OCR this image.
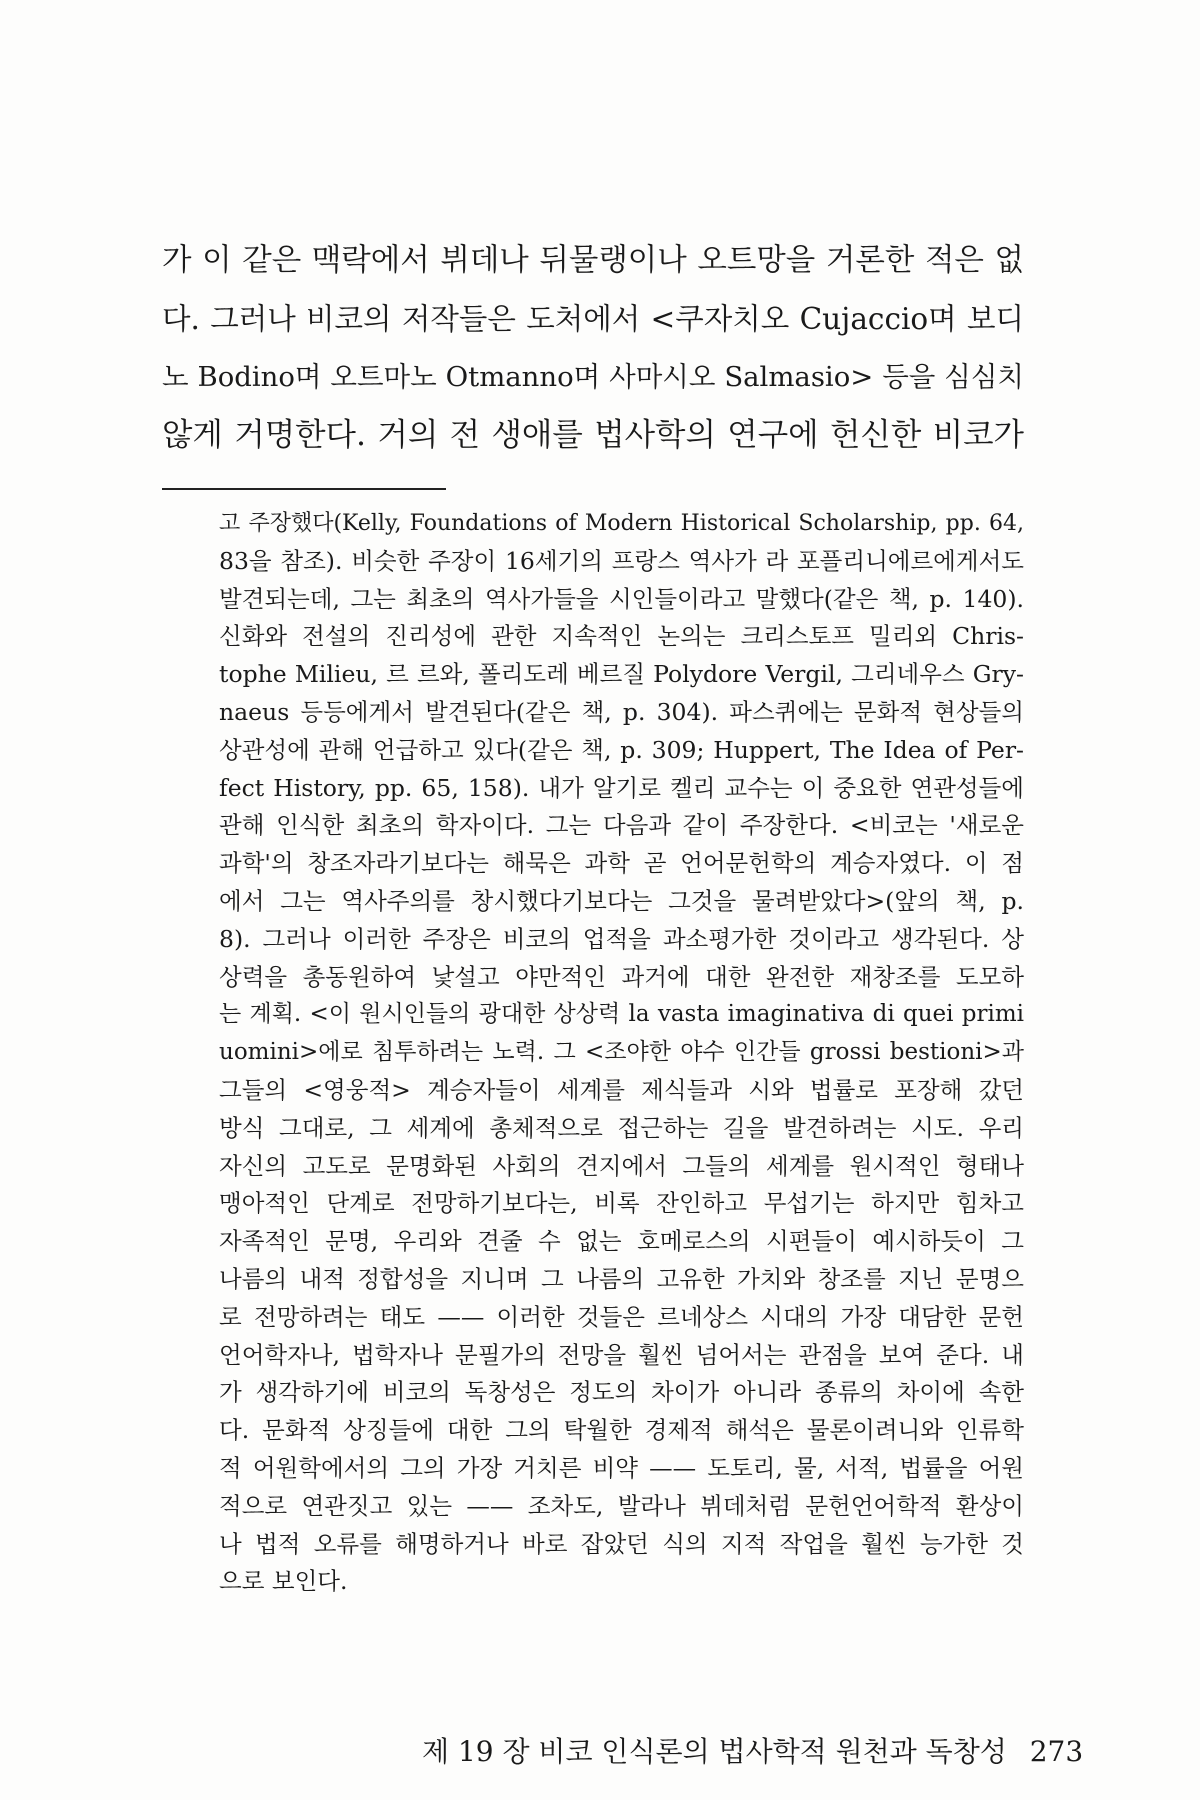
가 이 같은 맥락에서 뷔데나 뒤물랭이나 오트망을 거론한 적은 없
다. 그러나 비코의 저작들은 도처에서 <쿠자치오 Cujaccio며 보디
노 Bodino며 오트마노 Otmanno며 사마시오 Salmasio> 등을 심심치
않게 거명한다. 거의 전 생애를 법사학의 연구에 헌신한 비코가
고 주장했다(Kelly, Foundations of Modern Historical Scholarship, pp. 64,
83을 참조). 비슷한 주장이 16세기의 프랑스 역사가 라 포플리니에르에게서도
발견되는데, 그는 최초의 역사가들을 시인들이라고 말했다(같은 책, p. 140).
신화와 전설의 진리성에 관한 지속적인 논의는 크리스토프 밀리외 Chris-
tophe Milieu, 르 르와, 폴리도레 베르질 Polydore Vergil, 그리네우스 Gry-
naeus 등등에게서 발견된다(같은 책, p. 304). 파스퀴에는 문화적 현상들의
상관성에 관해 언급하고 있다(같은 책, p. 309; Huppert, The Idea of Per-
fect History, pp. 65, 158). 내가 알기로 켈리 교수는 이 중요한 연관성들에
관해 인식한 최초의 학자이다. 그는 다음과 같이 주장한다. <비코는 '새로운
과학'의 창조자라기보다는 해묵은 과학 곧 언어문헌학의 계승자였다. 이 점
에서 그는 역사주의를 창시했다기보다는 그것을 물려받았다>(앞의 책, p.
8). 그러나 이러한 주장은 비코의 업적을 과소평가한 것이라고 생각된다. 상
상력을 총동원하여 낯설고 야만적인 과거에 대한 완전한 재창조를 도모하
는 계획. <이 원시인들의 광대한 상상력 la vasta imaginativa di quei primi
uomini>에로 침투하려는 노력. 그 <조야한 야수 인간들 grossi bestioni>과
그들의 <영웅적> 계승자들이 세계를 제식들과 시와 법률로 포장해 갔던
방식 그대로, 그 세계에 총체적으로 접근하는 길을 발견하려는 시도. 우리
자신의 고도로 문명화된 사회의 견지에서 그들의 세계를 원시적인 형태나
맹아적인 단계로 전망하기보다는, 비록 잔인하고 무섭기는 하지만 힘차고
자족적인 문명, 우리와 견줄 수 없는 호메로스의 시편들이 예시하듯이 그
나름의 내적 정합성을 지니며 그 나름의 고유한 가치와 창조를 지닌 문명으
로 전망하려는 태도 —— 이러한 것들은 르네상스 시대의 가장 대담한 문헌
언어학자나, 법학자나 문필가의 전망을 훨씬 넘어서는 관점을 보여 준다. 내
가 생각하기에 비코의 독창성은 정도의 차이가 아니라 종류의 차이에 속한
다. 문화적 상징들에 대한 그의 탁월한 경제적 해석은 물론이려니와 인류학
적 어원학에서의 그의 가장 거치른 비약 —— 도토리, 물, 서적, 법률을 어원
적으로 연관짓고 있는 —— 조차도, 발라나 뷔데처럼 문헌언어학적 환상이
나 법적 오류를 해명하거나 바로 잡았던 식의 지적 작업을 훨씬 능가한 것
으로 보인다.
제 19 장 비코 인식론의 법사학적 원천과 독창성 273
